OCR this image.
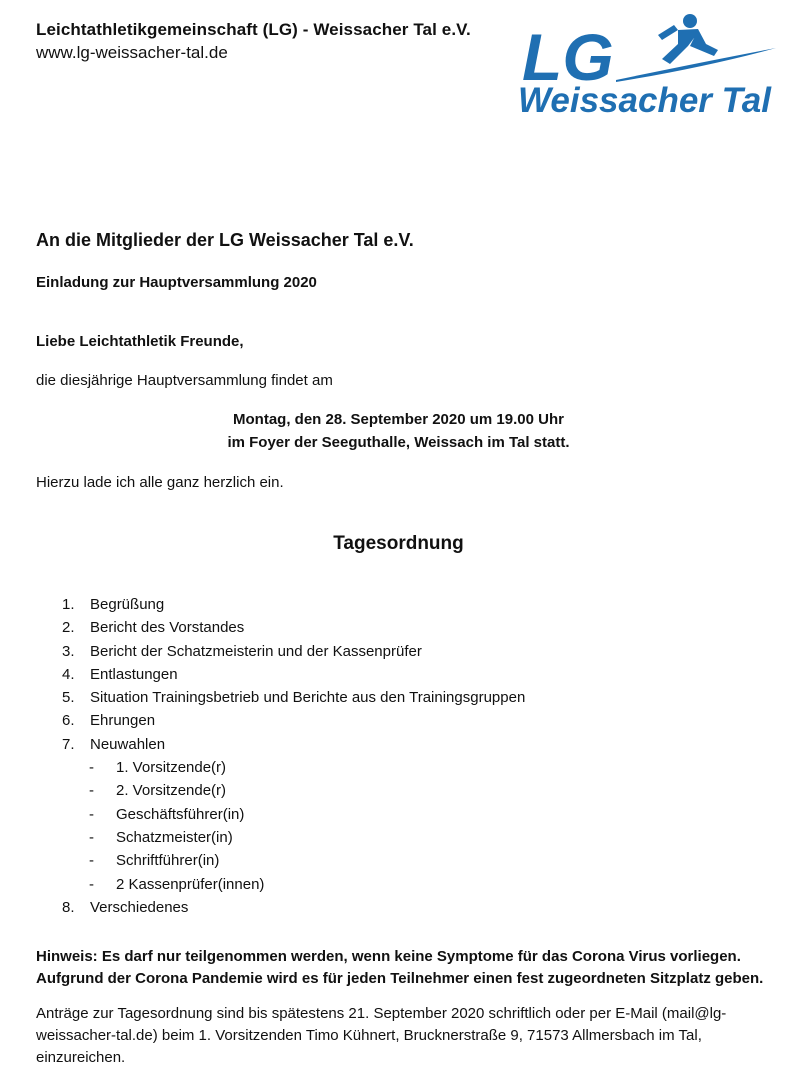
Leichtathletikgemeinschaft (LG) - Weissacher Tal e.V.
www.lg-weissacher-tal.de	LG
Weissacher Tal
An die Mitglieder der LG Weissacher Tal e.V.
Einladung zur Hauptversammlung 2020
Liebe Leichtathletik Freunde,
die diesjährige Hauptversammlung findet am
Montag, den 28. September 2020 um 19.00 Uhr
im Foyer der Seeguthalle, Weissach im Tal statt.
Hierzu lade ich alle ganz herzlich ein.
Tagesordnung
1. Begrüßung
2. Bericht des Vorstandes
3. Bericht der Schatzmeisterin und der Kassenprüfer
4. Entlastungen
5. Situation Trainingsbetrieb und Berichte aus den Trainingsgruppen
6. Ehrungen
7. Neuwahlen
- 1. Vorsitzende(r)
- 2. Vorsitzende(r)
- Geschäftsführer(in)
- Schatzmeister(in)
- Schriftführer(in)
- 2 Kassenprüfer(innen)
8. Verschiedenes
Hinweis: Es darf nur teilgenommen werden, wenn keine Symptome für das Corona Virus vorliegen.
Aufgrund der Corona Pandemie wird es für jeden Teilnehmer einen fest zugeordneten Sitzplatz geben.
Anträge zur Tagesordnung sind bis spätestens 21. September 2020 schriftlich oder per E-Mail (mail@lg-
weissacher-tal.de) beim 1. Vorsitzenden Timo Kühnert, Brucknerstraße 9, 71573 Allmersbach im Tal,
einzureichen.
